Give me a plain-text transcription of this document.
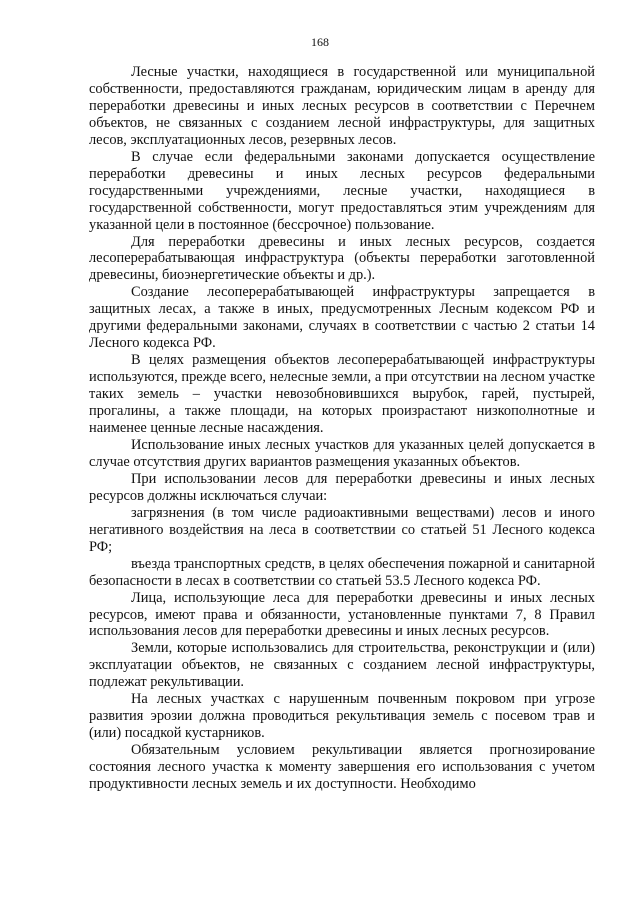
168

Лесные участки, находящиеся в государственной или муниципальной собственности, предоставляются гражданам, юридическим лицам в аренду для переработки древесины и иных лесных ресурсов в соответствии с Перечнем объектов, не связанных с созданием лесной инфраструктуры, для защитных лесов, эксплуатационных лесов, резервных лесов.

В случае если федеральными законами допускается осуществление переработки древесины и иных лесных ресурсов федеральными государственными учреждениями, лесные участки, находящиеся в государственной собственности, могут предоставляться этим учреждениям для указанной цели в постоянное (бессрочное) пользование.

Для переработки древесины и иных лесных ресурсов, создается лесоперерабатывающая инфраструктура (объекты переработки заготовленной древесины, биоэнергетические объекты и др.).

Создание лесоперерабатывающей инфраструктуры запрещается в защитных лесах, а также в иных, предусмотренных Лесным кодексом РФ и другими федеральными законами, случаях в соответствии с частью 2 статьи 14 Лесного кодекса РФ.

В целях размещения объектов лесоперерабатывающей инфраструктуры используются, прежде всего, нелесные земли, а при отсутствии на лесном участке таких земель – участки невозобновившихся вырубок, гарей, пустырей, прогалины, а также площади, на которых произрастают низкополнотные и наименее ценные лесные насаждения.

Использование иных лесных участков для указанных целей допускается в случае отсутствия других вариантов размещения указанных объектов.

При использовании лесов для переработки древесины и иных лесных ресурсов должны исключаться случаи:

загрязнения (в том числе радиоактивными веществами) лесов и иного негативного воздействия на леса в соответствии со статьей 51 Лесного кодекса РФ;

въезда транспортных средств, в целях обеспечения пожарной и санитарной безопасности в лесах в соответствии со статьей 53.5 Лесного кодекса РФ.

Лица, использующие леса для переработки древесины и иных лесных ресурсов, имеют права и обязанности, установленные пунктами 7, 8 Правил использования лесов для переработки древесины и иных лесных ресурсов.

Земли, которые использовались для строительства, реконструкции и (или) эксплуатации объектов, не связанных с созданием лесной инфраструктуры, подлежат рекультивации.

На лесных участках с нарушенным почвенным покровом при угрозе развития эрозии должна проводиться рекультивация земель с посевом трав и (или) посадкой кустарников.

Обязательным условием рекультивации является прогнозирование состояния лесного участка к моменту завершения его использования с учетом продуктивности лесных земель и их доступности. Необходимо
